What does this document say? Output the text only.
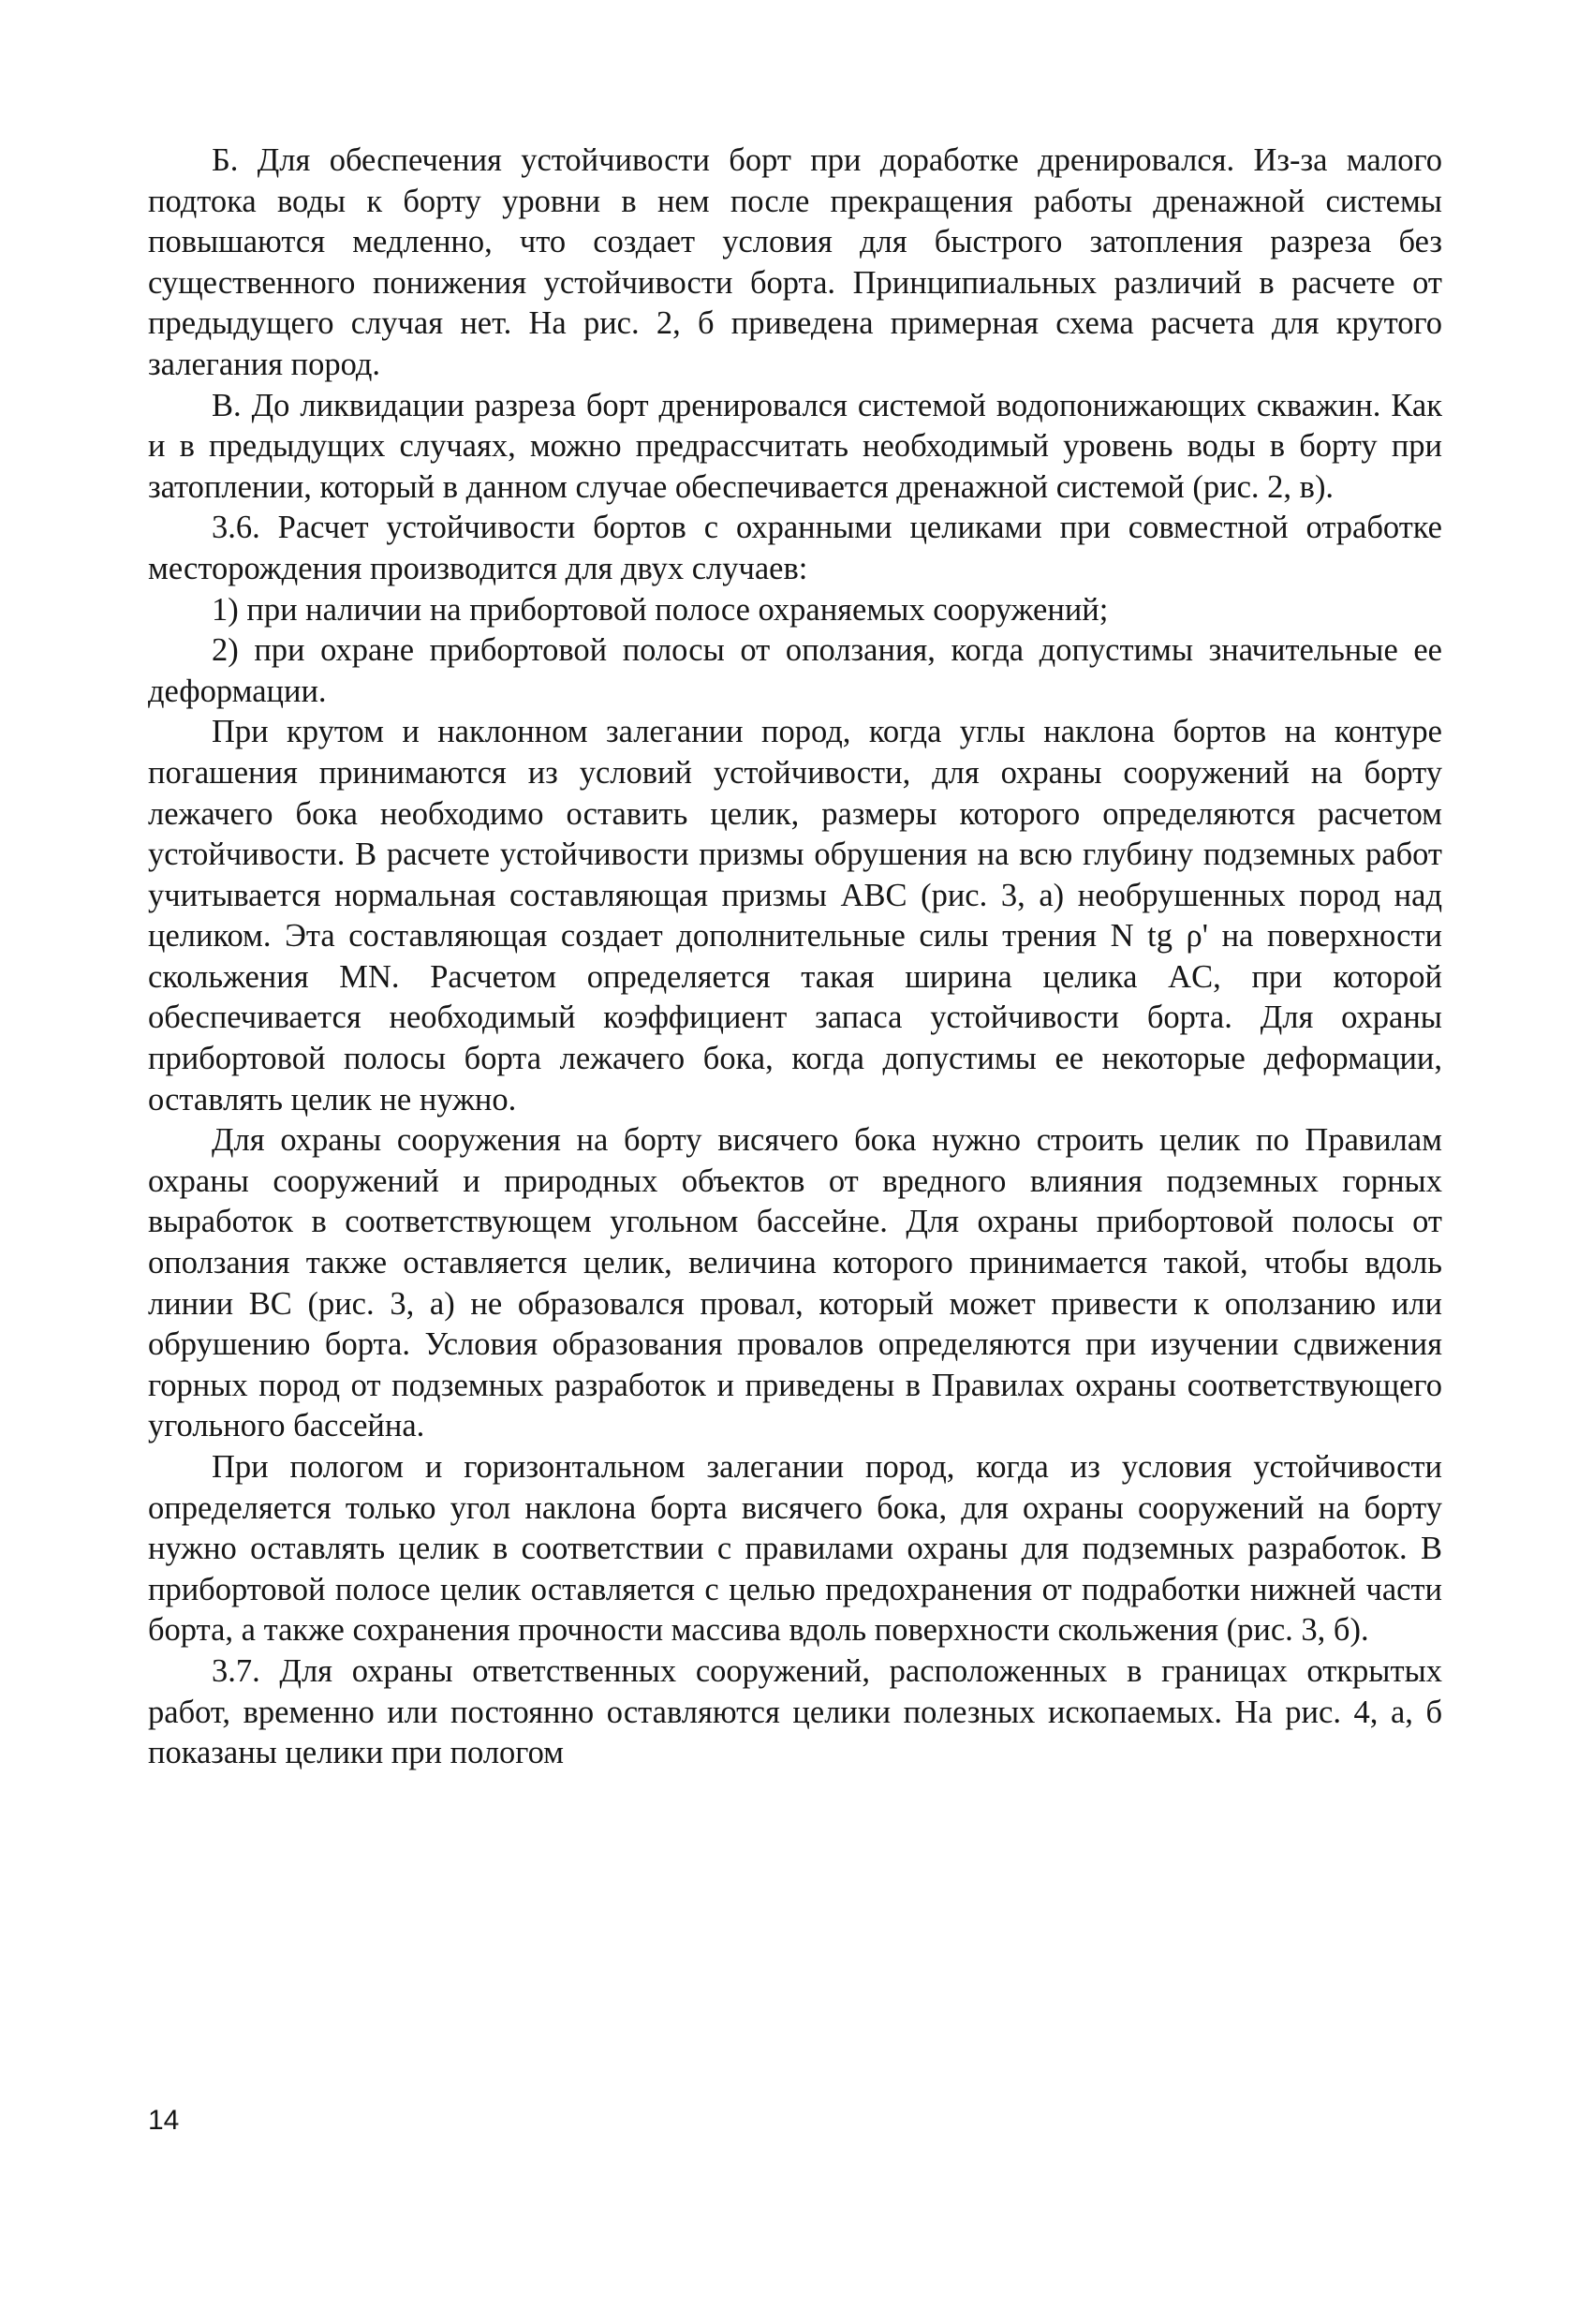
Б. Для обеспечения устойчивости борт при доработке дренировался. Из-за малого подтока воды к борту уровни в нем после прекращения работы дренажной системы повышаются медленно, что создает условия для быстрого затопления разреза без существенного понижения устойчивости борта. Принципиальных различий в расчете от предыдущего случая нет. На рис. 2, б приведена примерная схема расчета для крутого залегания пород.

В. До ликвидации разреза борт дренировался системой водопонижающих скважин. Как и в предыдущих случаях, можно предрассчитать необходимый уровень воды в борту при затоплении, который в данном случае обеспечивается дренажной системой (рис. 2, в).

3.6. Расчет устойчивости бортов с охранными целиками при совместной отработке месторождения производится для двух случаев:

1) при наличии на прибортовой полосе охраняемых сооружений;

2) при охране прибортовой полосы от оползания, когда допустимы значительные ее деформации.

При крутом и наклонном залегании пород, когда углы наклона бортов на контуре погашения принимаются из условий устойчивости, для охраны сооружений на борту лежачего бока необходимо оставить целик, размеры которого определяются расчетом устойчивости. В расчете устойчивости призмы обрушения на всю глубину подземных работ учитывается нормальная составляющая призмы ABC (рис. 3, а) необрушенных пород над целиком. Эта составляющая создает дополнительные силы трения N tg ρ' на поверхности скольжения MN. Расчетом определяется такая ширина целика AC, при которой обеспечивается необходимый коэффициент запаса устойчивости борта. Для охраны прибортовой полосы борта лежачего бока, когда допустимы ее некоторые деформации, оставлять целик не нужно.

Для охраны сооружения на борту висячего бока нужно строить целик по Правилам охраны сооружений и природных объектов от вредного влияния подземных горных выработок в соответствующем угольном бассейне. Для охраны прибортовой полосы от оползания также оставляется целик, величина которого принимается такой, чтобы вдоль линии BC (рис. 3, а) не образовался провал, который может привести к оползанию или обрушению борта. Условия образования провалов определяются при изучении сдвижения горных пород от подземных разработок и приведены в Правилах охраны соответствующего угольного бассейна.

При пологом и горизонтальном залегании пород, когда из условия устойчивости определяется только угол наклона борта висячего бока, для охраны сооружений на борту нужно оставлять целик в соответствии с правилами охраны для подземных разработок. В прибортовой полосе целик оставляется с целью предохранения от подработки нижней части борта, а также сохранения прочности массива вдоль поверхности скольжения (рис. 3, б).

3.7. Для охраны ответственных сооружений, расположенных в границах открытых работ, временно или постоянно оставляются целики полезных ископаемых. На рис. 4, а, б показаны целики при пологом

14
